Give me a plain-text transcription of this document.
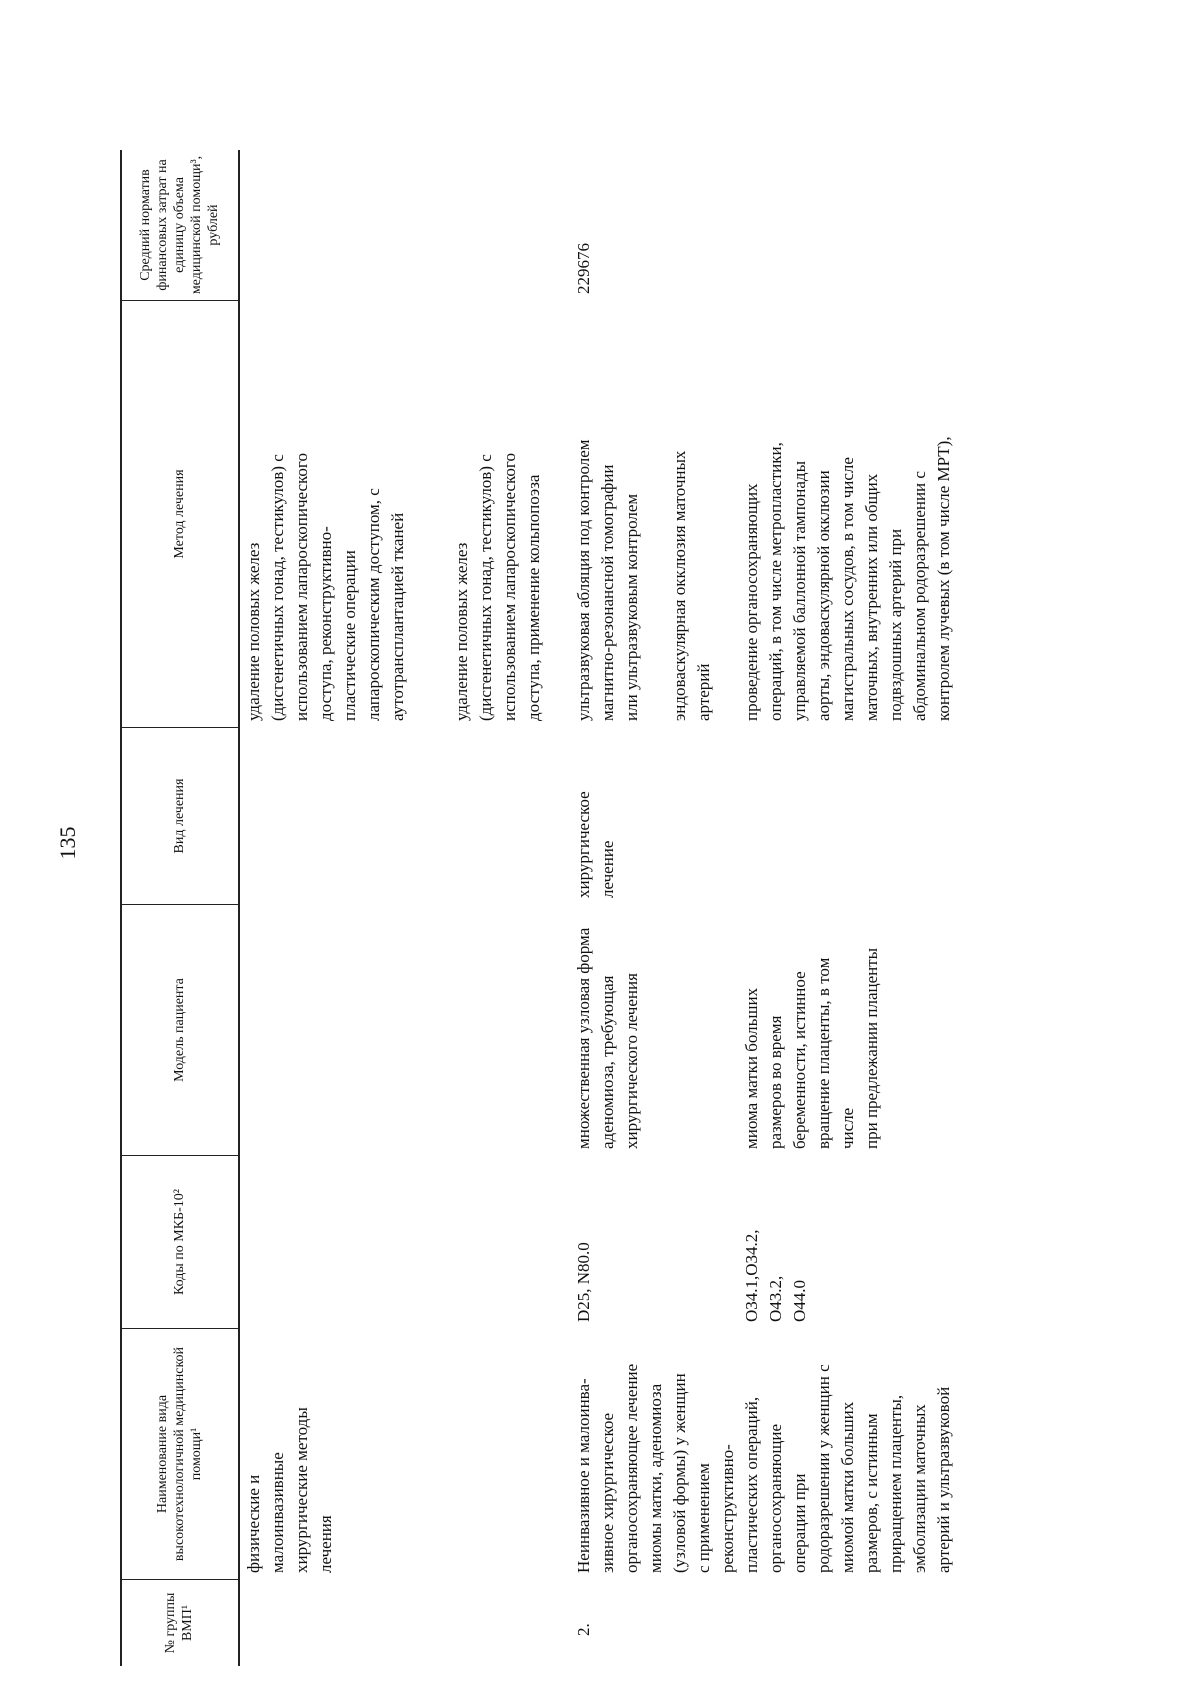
135
№ группы ВМП¹
Наименование вида высокотехнологичной медицинской помощи¹
Коды по МКБ-10²
Модель пациента
Вид лечения
Метод лечения
Средний норматив финансовых затрат на единицу объема медицинской помощи³, рублей
физические и
малоинвазивные
хирургические методы
лечения
удаление половых желез
(дисгенетичных гонад, тестикулов) с
использованием лапароскопического
доступа, реконструктивно-
пластические операции
лапароскопическим доступом, с
аутотрансплантацией тканей
удаление половых желез
(дисгенетичных гонад, тестикулов) с
использованием лапароскопического
доступа, применение кольпопоэза
2.
Неинвазивное и малоинва-
зивное хирургическое
органосохраняющее лечение
миомы матки, аденомиоза
(узловой формы) у женщин
с применением
реконструктивно-
пластических операций,
органосохраняющие
операции при
родоразрешении у женщин с
миомой матки больших
размеров, с истинным
приращением плаценты,
эмболизации маточных
артерий и ультразвуковой
D25, N80.0	O34.1,O34.2,
O43.2,
O44.0
множественная узловая форма
аденомиоза, требующая
хирургического лечения
миома матки больших
размеров во время
беременности, истинное
вращение плаценты, в том
числе
при предлежании плаценты
хирургическое
лечение
ультразвуковая абляция под контролем
магнитно-резонансной томографии
или ультразвуковым контролем
эндоваскулярная окклюзия маточных
артерий проведение органосохраняющих
операций, в том числе метропластики,
управляемой баллонной тампонады
аорты, эндоваскулярной окклюзии
магистральных сосудов, в том числе
маточных, внутренних или общих
подвздошных артерий при
абдоминальном родоразрешении с
контролем лучевых (в том числе МРТ),
229676
